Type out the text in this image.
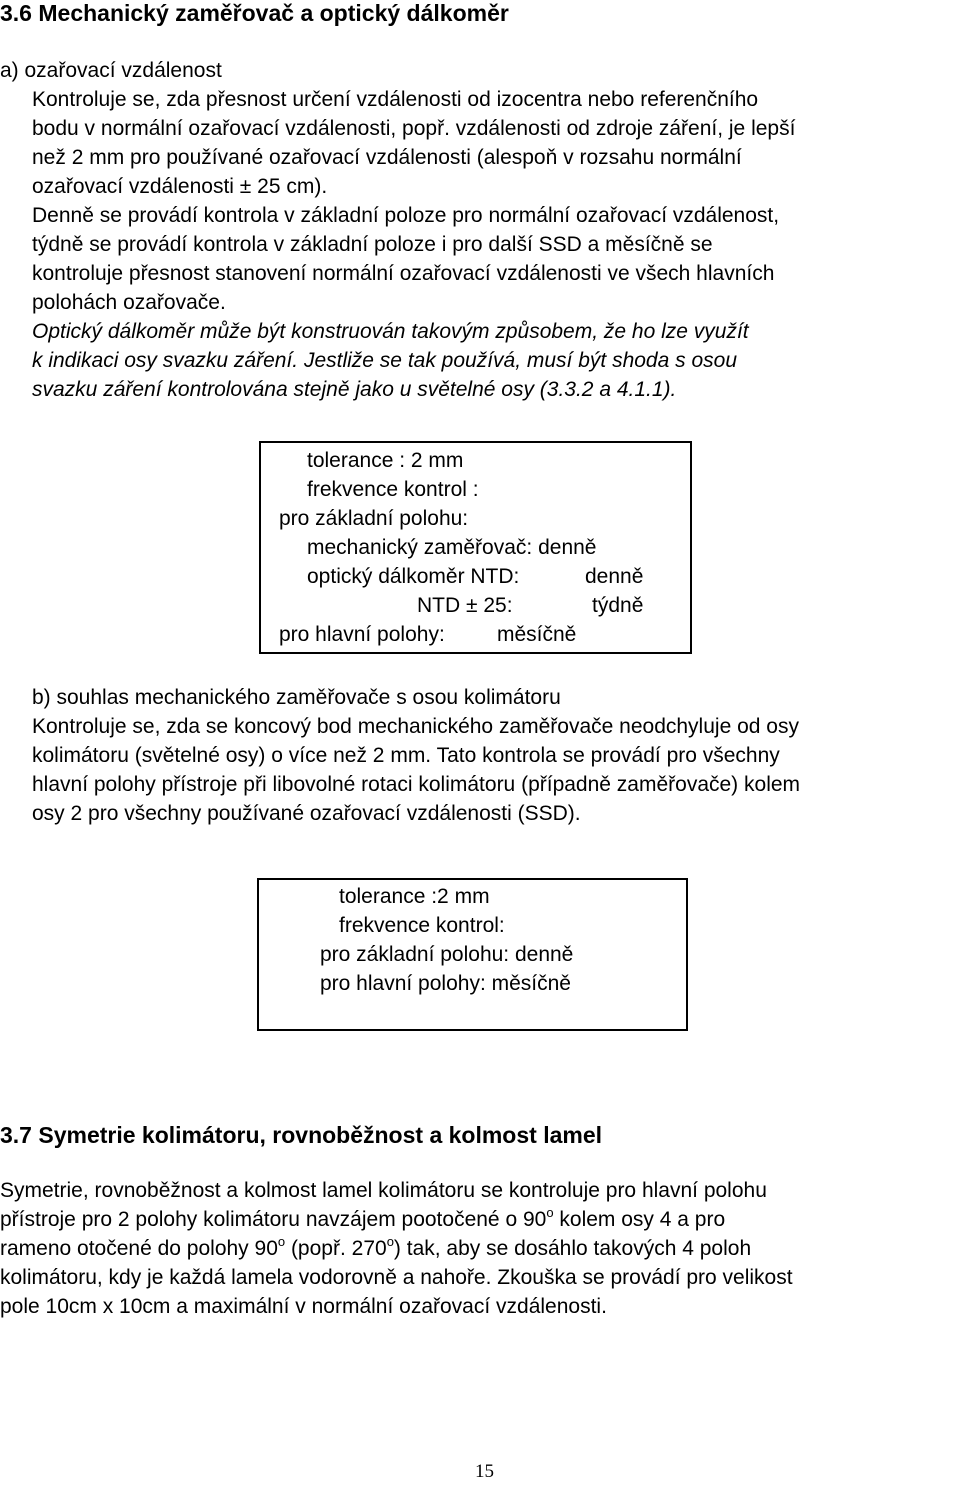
3.6 Mechanický zaměřovač a optický dálkoměr
a) ozařovací vzdálenost
Kontroluje se, zda přesnost určení vzdálenosti od izocentra nebo referenčního
bodu v normální ozařovací vzdálenosti, popř. vzdálenosti od zdroje záření, je lepší
než 2 mm pro používané ozařovací vzdálenosti (alespoň v rozsahu normální
ozařovací vzdálenosti ± 25 cm).
Denně se provádí kontrola v základní poloze pro normální ozařovací vzdálenost,
týdně se provádí kontrola v základní poloze i pro další SSD a měsíčně se
kontroluje přesnost stanovení normální ozařovací vzdálenosti ve všech hlavních
polohách ozařovače.
Optický dálkoměr může být konstruován takovým způsobem, že ho lze využít
k indikaci osy svazku záření. Jestliže se tak používá, musí být shoda s osou
svazku záření kontrolována stejně jako u světelné osy (3.3.2 a 4.1.1).
tolerance : 2 mm
frekvence kontrol :
pro základní polohu:
mechanický zaměřovač: denně
optický dálkoměr NTD:	denně
NTD ± 25:	týdně
pro hlavní polohy: měsíčně
b) souhlas mechanického zaměřovače s osou kolimátoru
Kontroluje se, zda se koncový bod mechanického zaměřovače neodchyluje od osy
kolimátoru (světelné osy) o více než 2 mm. Tato kontrola se provádí pro všechny
hlavní polohy přístroje při libovolné rotaci kolimátoru (případně zaměřovače) kolem
osy 2 pro všechny používané ozařovací vzdálenosti (SSD).
tolerance :2 mm
frekvence kontrol:
pro základní polohu: denně
pro hlavní polohy: měsíčně
3.7 Symetrie kolimátoru, rovnoběžnost a kolmost lamel
Symetrie, rovnoběžnost a kolmost lamel kolimátoru se kontroluje pro hlavní polohu
přístroje pro 2 polohy kolimátoru navzájem pootočené o 90$^o$ kolem osy 4 a pro
rameno otočené do polohy 90$^o$ (popř. 270$^o$) tak, aby se dosáhlo takových 4 poloh
kolimátoru, kdy je každá lamela vodorovně a nahoře. Zkouška se provádí pro velikost
pole 10cm x 10cm a maximální v normální ozařovací vzdálenosti.
15
